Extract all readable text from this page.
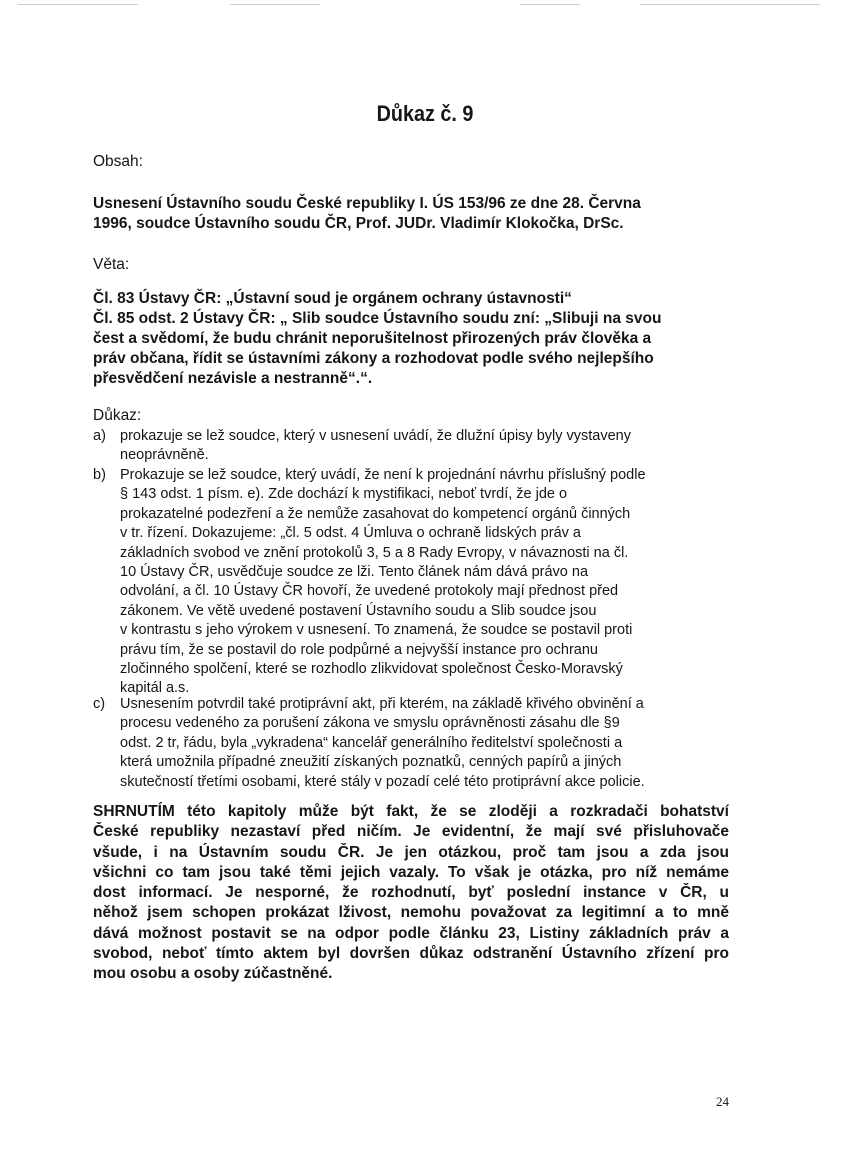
Důkaz č. 9
Obsah:
Usnesení Ústavního soudu České republiky I. ÚS 153/96 ze dne 28. Června
1996, soudce Ústavního soudu ČR, Prof. JUDr. Vladimír Klokočka, DrSc.
Věta:
Čl. 83 Ústavy ČR: „Ústavní soud je orgánem ochrany ústavnosti“
Čl. 85 odst. 2 Ústavy ČR: „ Slib soudce Ústavního soudu zní: „Slibuji na svou
čest a svědomí, že budu chránit neporušitelnost přirozených práv člověka a
práv občana, řídit se ústavními zákony a rozhodovat podle svého nejlepšího
přesvědčení nezávisle a nestranně“.“.
Důkaz:
a) prokazuje se lež soudce, který v usnesení uvádí, že dlužní úpisy byly vystaveny
neoprávněně.
b) Prokazuje se lež soudce, který uvádí, že není k projednání návrhu příslušný podle
§ 143 odst. 1 písm. e). Zde dochází k mystifikaci, neboť tvrdí, že jde o
prokazatelné podezření a že nemůže zasahovat do kompetencí orgánů činných
v tr. řízení. Dokazujeme: „čl. 5 odst. 4 Úmluva o ochraně lidských práv a
základních svobod ve znění protokolů 3, 5 a 8 Rady Evropy, v návaznosti na čl.
10 Ústavy ČR, usvědčuje soudce ze lži. Tento článek nám dává právo na
odvolání, a čl. 10 Ústavy ČR hovoří, že uvedené protokoly mají přednost před
zákonem. Ve větě uvedené postavení Ústavního soudu a Slib soudce jsou
v kontrastu s jeho výrokem v usnesení. To znamená, že soudce se postavil proti
právu tím, že se postavil do role podpůrné a nejvyšší instance pro ochranu
zločinného spolčení, které se rozhodlo zlikvidovat společnost Česko-Moravský
kapitál a.s.
c)	Usnesením potvrdil také protiprávní akt, při kterém, na základě křivého obvinění a
procesu vedeného za porušení zákona ve smyslu oprávněnosti zásahu dle §9
odst. 2 tr, řádu, byla „vykradena“ kancelář generálního ředitelství společnosti a
která umožnila případné zneužití získaných poznatků, cenných papírů a jiných
skutečností třetími osobami, které stály v pozadí celé této protiprávní akce policie.
SHRNUTÍM této kapitoly může být fakt, že se zloději a rozkradači bohatství
České republiky nezastaví před ničím. Je evidentní, že mají své přisluhovače
všude, i na Ústavním soudu ČR. Je jen otázkou, proč tam jsou a zda jsou
všichni co tam jsou také těmi jejich vazaly. To však je otázka, pro níž nemáme
dost informací. Je nesporné, že rozhodnutí, byť poslední instance v ČR, u
něhož jsem schopen prokázat lživost, nemohu považovat za legitimní a to mně
dává možnost postavit se na odpor podle článku 23, Listiny základních práv a
svobod, neboť tímto aktem byl dovršen důkaz odstranění Ústavního zřízení pro
mou osobu a osoby zúčastněné.
24
